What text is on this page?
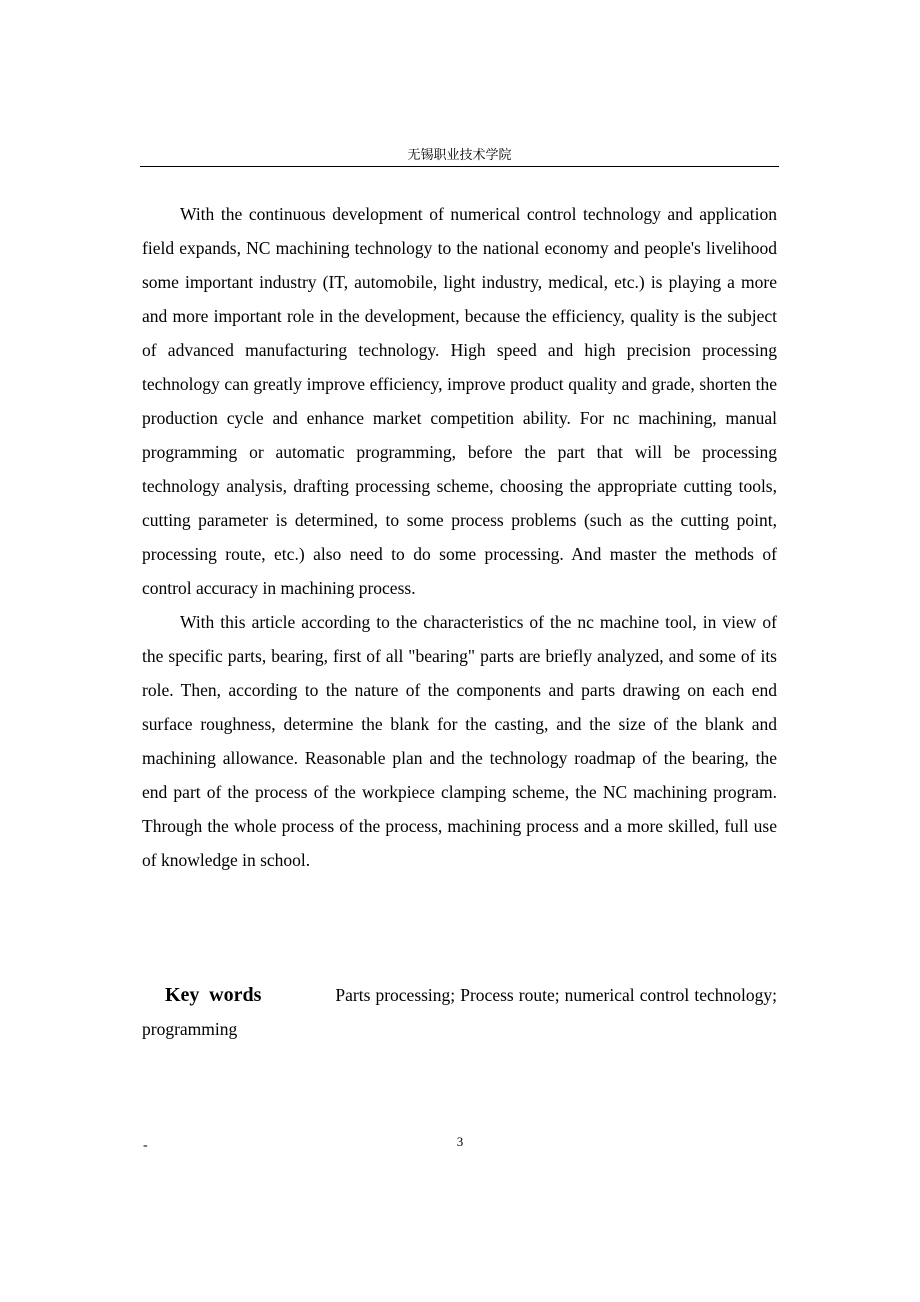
无锡职业技术学院

With the continuous development of numerical control technology and application field expands, NC machining technology to the national economy and people's livelihood some important industry (IT, automobile, light industry, medical, etc.) is playing a more and more important role in the development, because the efficiency, quality is the subject of advanced manufacturing technology. High speed and high precision processing technology can greatly improve efficiency, improve product quality and grade, shorten the production cycle and enhance market competition ability. For nc machining, manual programming or automatic programming, before the part that will be processing technology analysis, drafting processing scheme, choosing the appropriate cutting tools, cutting parameter is determined, to some process problems (such as the cutting point, processing route, etc.) also need to do some processing. And master the methods of control accuracy in machining process.

With this article according to the characteristics of the nc machine tool, in view of the specific parts, bearing, first of all "bearing" parts are briefly analyzed, and some of its role. Then, according to the nature of the components and parts drawing on each end surface roughness, determine the blank for the casting, and the size of the blank and machining allowance. Reasonable plan and the technology roadmap of the bearing, the end part of the process of the workpiece clamping scheme, the NC machining program. Through the whole process of the process, machining process and a more skilled, full use of knowledge in school.

Key words	Parts processing; Process route; numerical control technology;   programming
-	3
